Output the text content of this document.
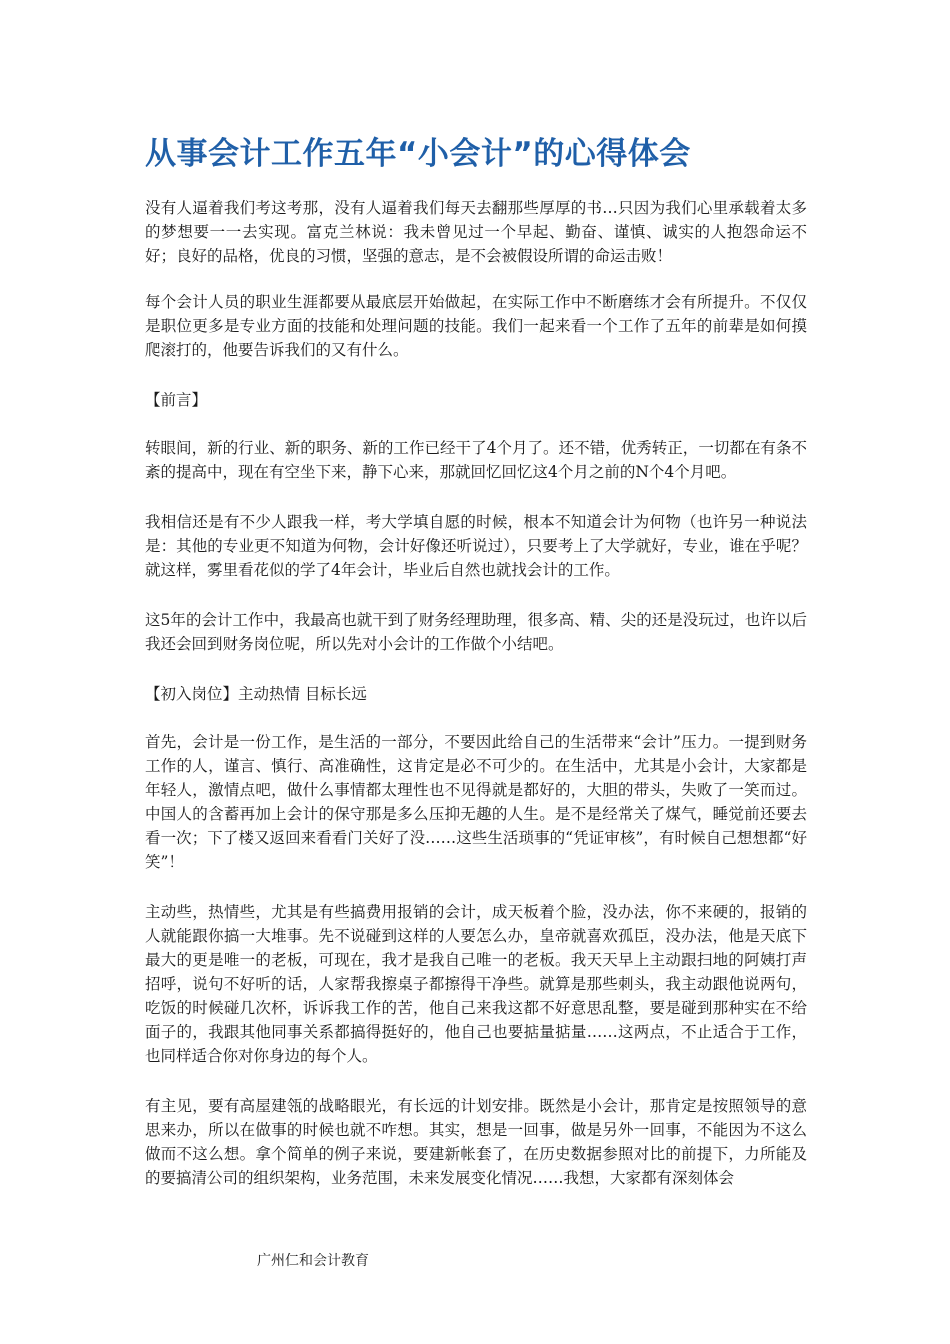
从事会计工作五年“小会计”的心得体会

没有人逼着我们考这考那，没有人逼着我们每天去翻那些厚厚的书…只因为我们心里承载着太多的梦想要一一去实现。富克兰林说：我未曾见过一个早起、勤奋、谨慎、诚实的人抱怨命运不好；良好的品格，优良的习惯，坚强的意志，是不会被假设所谓的命运击败！

每个会计人员的职业生涯都要从最底层开始做起，在实际工作中不断磨练才会有所提升。不仅仅是职位更多是专业方面的技能和处理问题的技能。我们一起来看一个工作了五年的前辈是如何摸爬滚打的，他要告诉我们的又有什么。

【前言】

转眼间，新的行业、新的职务、新的工作已经干了4个月了。还不错，优秀转正，一切都在有条不紊的提高中，现在有空坐下来，静下心来，那就回忆回忆这4个月之前的N个4个月吧。

我相信还是有不少人跟我一样，考大学填自愿的时候，根本不知道会计为何物（也许另一种说法是：其他的专业更不知道为何物，会计好像还听说过），只要考上了大学就好，专业，谁在乎呢？就这样，雾里看花似的学了4年会计，毕业后自然也就找会计的工作。

这5年的会计工作中，我最高也就干到了财务经理助理，很多高、精、尖的还是没玩过，也许以后我还会回到财务岗位呢，所以先对小会计的工作做个小结吧。

【初入岗位】主动热情 目标长远

首先，会计是一份工作，是生活的一部分，不要因此给自己的生活带来“会计”压力。一提到财务工作的人，谨言、慎行、高准确性，这肯定是必不可少的。在生活中，尤其是小会计，大家都是年轻人，激情点吧，做什么事情都太理性也不见得就是都好的，大胆的带头，失败了一笑而过。中国人的含蓄再加上会计的保守那是多么压抑无趣的人生。是不是经常关了煤气，睡觉前还要去看一次；下了楼又返回来看看门关好了没……这些生活琐事的“凭证审核”，有时候自己想想都“好笑”！

主动些，热情些，尤其是有些搞费用报销的会计，成天板着个脸，没办法，你不来硬的，报销的人就能跟你搞一大堆事。先不说碰到这样的人要怎么办，皇帝就喜欢孤臣，没办法，他是天底下最大的更是唯一的老板，可现在，我才是我自己唯一的老板。我天天早上主动跟扫地的阿姨打声招呼，说句不好听的话，人家帮我擦桌子都擦得干净些。就算是那些刺头，我主动跟他说两句，吃饭的时候碰几次杯，诉诉我工作的苦，他自己来我这都不好意思乱整，要是碰到那种实在不给面子的，我跟其他同事关系都搞得挺好的，他自己也要掂量掂量……这两点，不止适合于工作，也同样适合你对你身边的每个人。

有主见，要有高屋建瓴的战略眼光，有长远的计划安排。既然是小会计，那肯定是按照领导的意思来办，所以在做事的时候也就不咋想。其实，想是一回事，做是另外一回事，不能因为不这么做而不这么想。拿个简单的例子来说，要建新帐套了，在历史数据参照对比的前提下，力所能及的要搞清公司的组织架构，业务范围，未来发展变化情况……我想，大家都有深刻体会

广州仁和会计教育
